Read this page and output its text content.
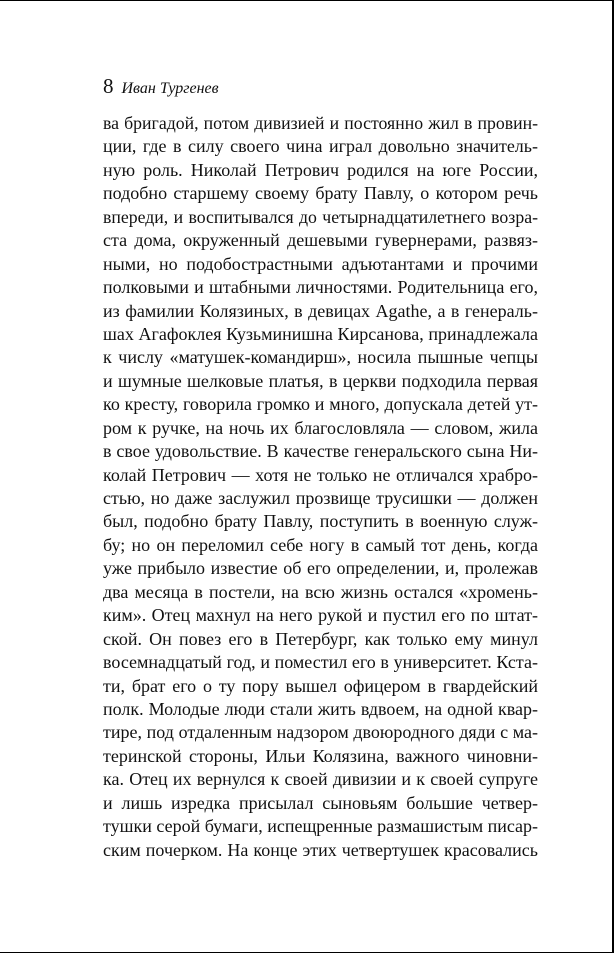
8 Иван Тургенев
ва бригадой, потом дивизией и постоянно жил в провин-
ции, где в силу своего чина играл довольно значитель-
ную роль. Николай Петрович родился на юге России,
подобно старшему своему брату Павлу, о котором речь
впереди, и воспитывался до четырнадцатилетнего возра-
ста дома, окруженный дешевыми гувернерами, развяз-
ными, но подобострастными адъютантами и прочими
полковыми и штабными личностями. Родительница его,
из фамилии Колязиных, в девицах Agathe, а в генераль-
шах Агафоклея Кузьминишна Кирсанова, принадлежала
к числу «матушек-командирш», носила пышные чепцы
и шумные шелковые платья, в церкви подходила первая
ко кресту, говорила громко и много, допускала детей ут-
ром к ручке, на ночь их благословляла — словом, жила
в свое удовольствие. В качестве генеральского сына Ни-
колай Петрович — хотя не только не отличался храбро-
стью, но даже заслужил прозвище трусишки — должен
был, подобно брату Павлу, поступить в военную служ-
бу; но он переломил себе ногу в самый тот день, когда
уже прибыло известие об его определении, и, пролежав
два месяца в постели, на всю жизнь остался «хромень-
ким». Отец махнул на него рукой и пустил его по штат-
ской. Он повез его в Петербург, как только ему минул
восемнадцатый год, и поместил его в университет. Кста-
ти, брат его о ту пору вышел офицером в гвардейский
полк. Молодые люди стали жить вдвоем, на одной квар-
тире, под отдаленным надзором двоюродного дяди с ма-
теринской стороны, Ильи Колязина, важного чиновни-
ка. Отец их вернулся к своей дивизии и к своей супруге
и лишь изредка присылал сыновьям большие четвер-
тушки серой бумаги, испещренные размашистым писар-
ским почерком. На конце этих четвертушек красовались
